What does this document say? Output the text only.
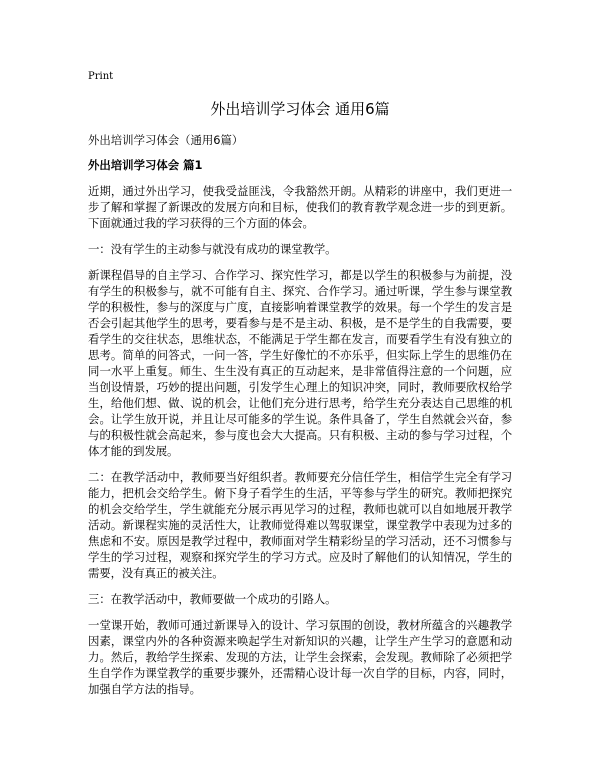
Print
外出培训学习体会 通用6篇

外出培训学习体会（通用6篇）

外出培训学习体会 篇1

近期，通过外出学习，使我受益匪浅，令我豁然开朗。从精彩的讲座中，我们更进一步了解和掌握了新课改的发展方向和目标，使我们的教育教学观念进一步的到更新。下面就通过我的学习获得的三个方面的体会。

一：没有学生的主动参与就没有成功的课堂教学。

新课程倡导的自主学习、合作学习、探究性学习，都是以学生的积极参与为前提，没有学生的积极参与，就不可能有自主、探究、合作学习。通过听课，学生参与课堂教学的积极性，参与的深度与广度，直接影响着课堂教学的效果。每一个学生的发言是否会引起其他学生的思考，要看参与是不是主动、积极，是不是学生的自我需要，要看学生的交往状态，思维状态，不能满足于学生都在发言，而要看学生有没有独立的思考。简单的问答式，一问一答，学生好像忙的不亦乐乎，但实际上学生的思维仍在同一水平上重复。师生、生生没有真正的互动起来，是非常值得注意的一个问题，应当创设情景，巧妙的提出问题，引发学生心理上的知识冲突，同时，教师要欣权给学生，给他们想、做、说的机会，让他们充分进行思考，给学生充分表达自己思维的机会。让学生放开说，并且让尽可能多的学生说。条件具备了，学生自然就会兴奋，参与的积极性就会高起来，参与度也会大大提高。只有积极、主动的参与学习过程，个体才能的到发展。

二：在教学活动中，教师要当好组织者。教师要充分信任学生，相信学生完全有学习能力，把机会交给学生。俯下身子看学生的生活，平等参与学生的研究。教师把探究的机会交给学生，学生就能充分展示再见学习的过程，教师也就可以自如地展开教学活动。新课程实施的灵活性大，让教师觉得难以驾驭课堂，课堂教学中表现为过多的焦虑和不安。原因是教学过程中，教师面对学生精彩纷呈的学习活动，还不习惯参与学生的学习过程，观察和探究学生的学习方式。应及时了解他们的认知情况，学生的需要，没有真正的被关注。

三：在教学活动中，教师要做一个成功的引路人。

一堂课开始，教师可通过新课导入的设计、学习氛围的创设，教材所蕴含的兴趣教学因素，课堂内外的各种资源来唤起学生对新知识的兴趣，让学生产生学习的意愿和动力。然后，教给学生探索、发现的方法，让学生会探索，会发现。教师除了必须把学生自学作为课堂教学的重要步骤外，还需精心设计每一次自学的目标，内容，同时，加强自学方法的指导。
